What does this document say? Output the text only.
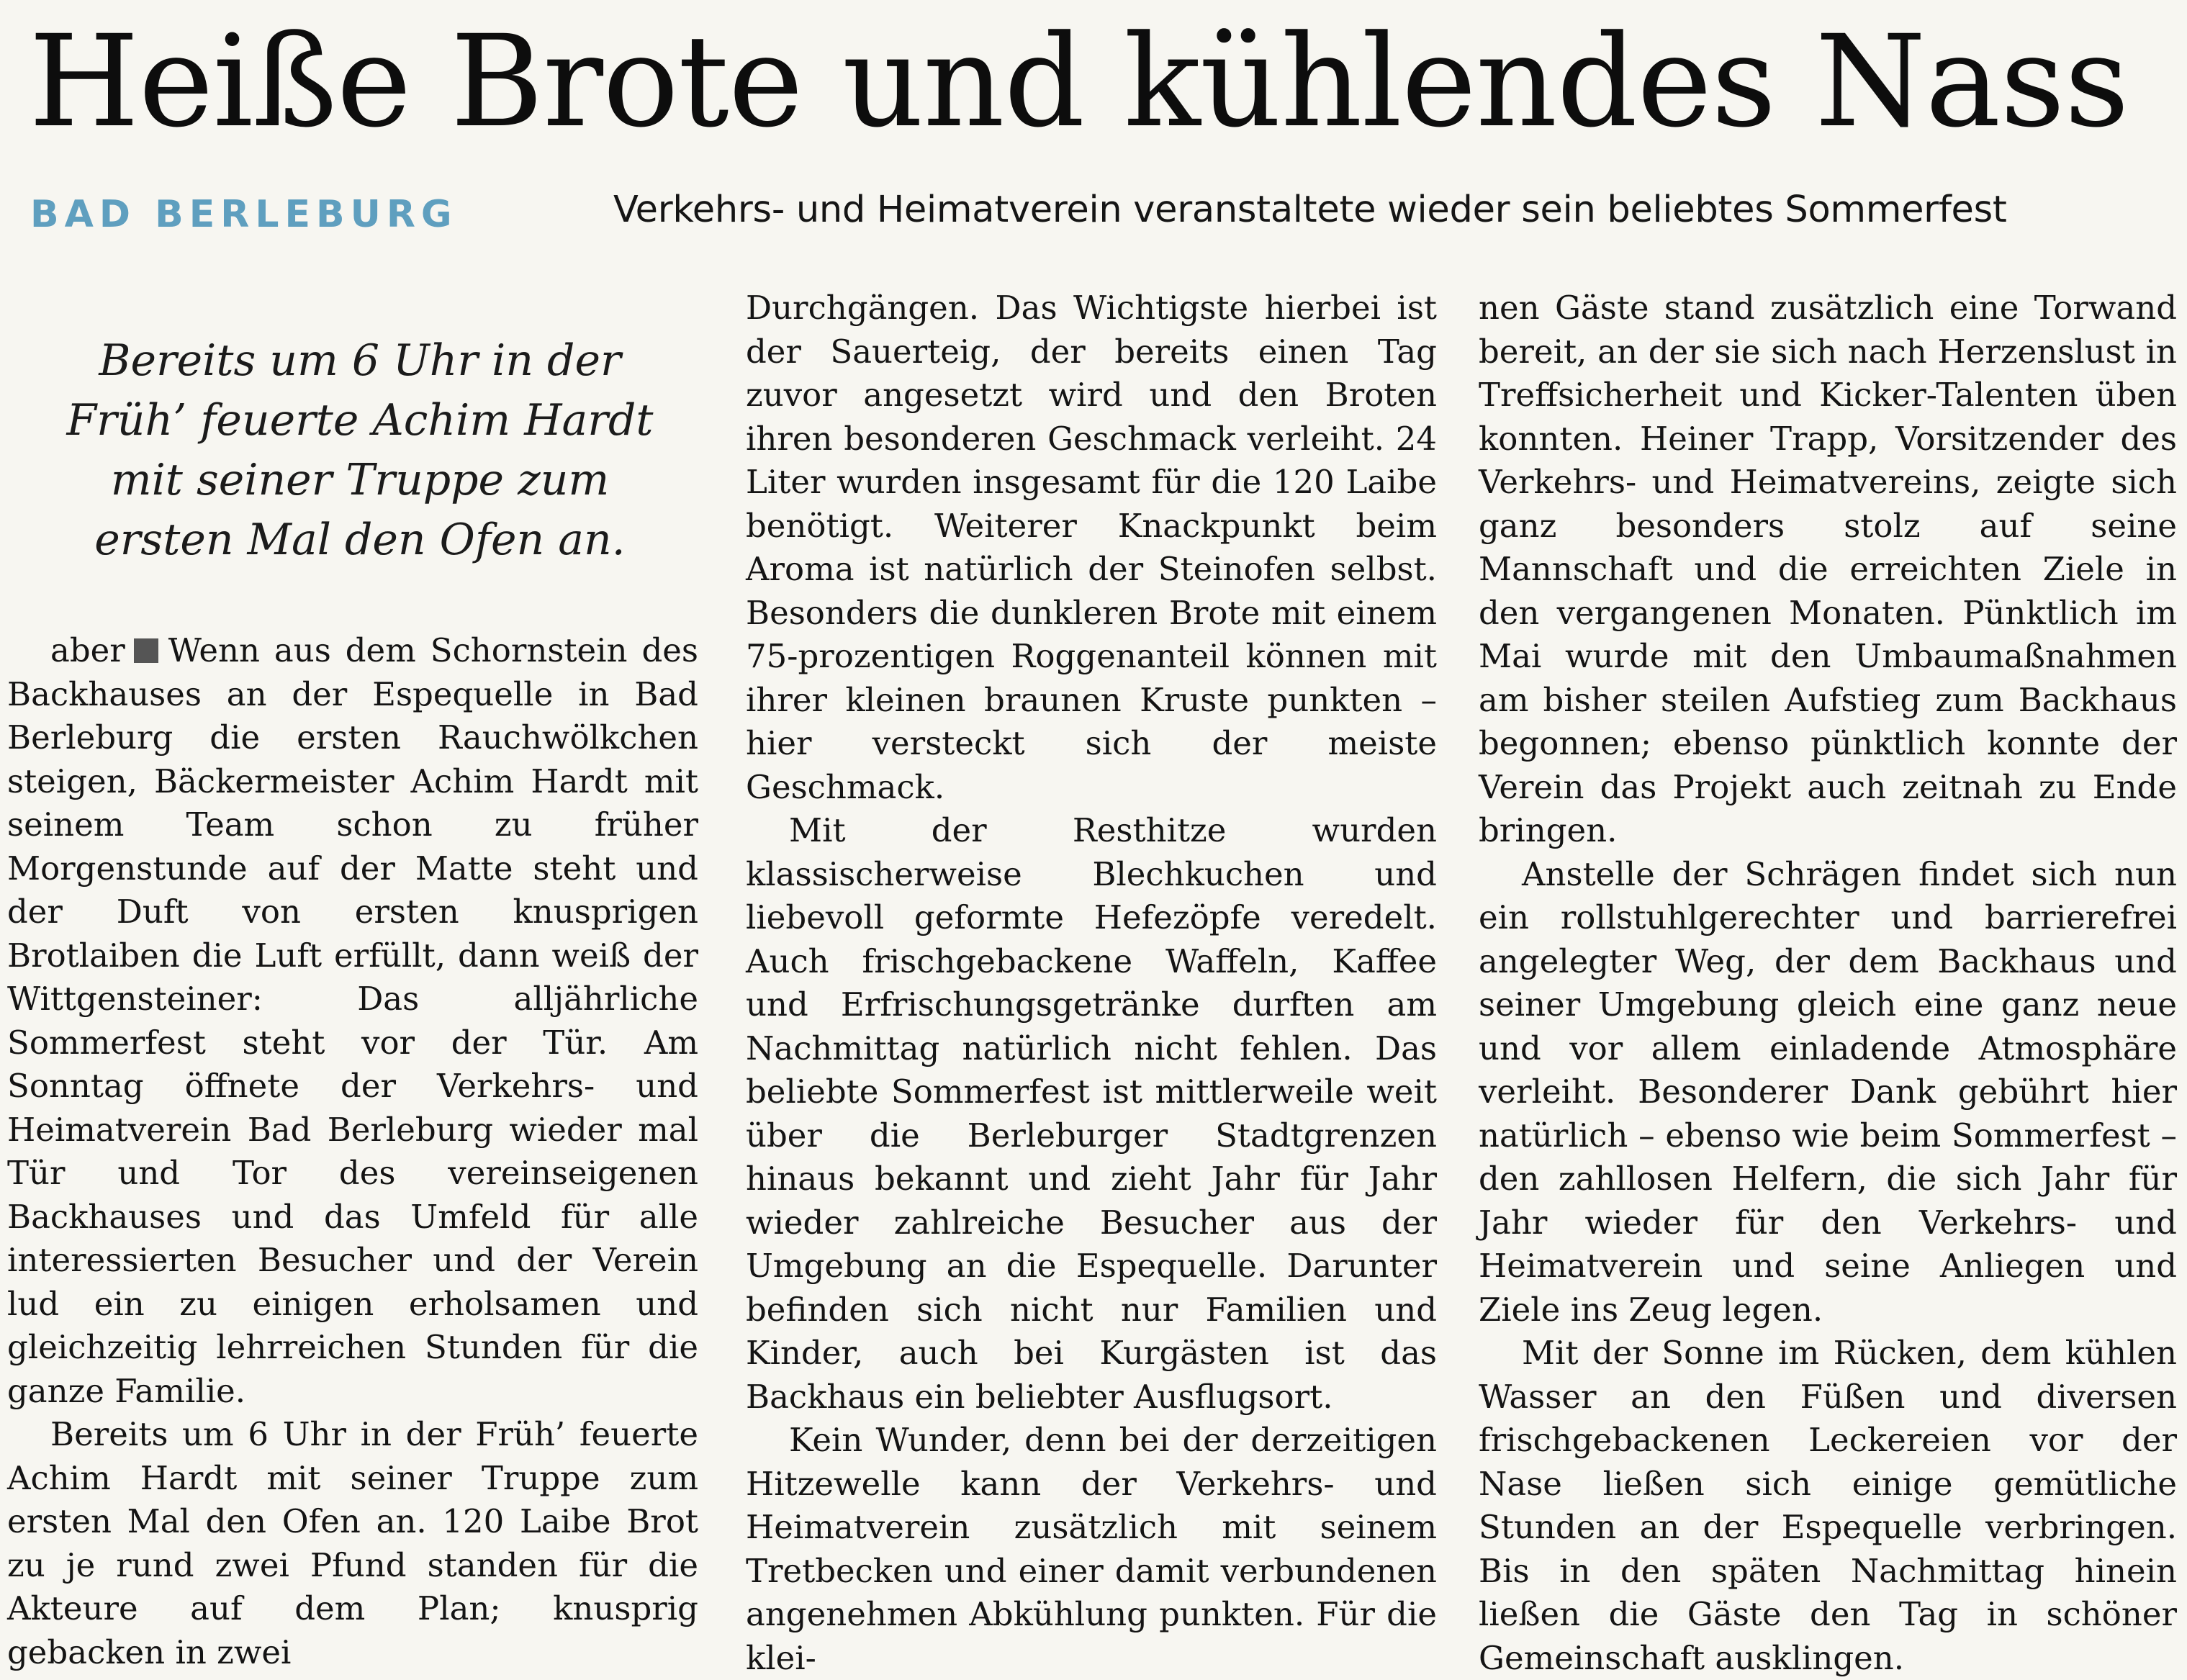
Heiße Brote und kühlendes Nass
BAD BERLEBURG	Verkehrs- und Heimatverein veranstaltete wieder sein beliebtes Sommerfest
Bereits um 6 Uhr in der Früh’ feuerte Achim Hardt mit seiner Truppe zum ersten Mal den Ofen an.

aber Wenn aus dem Schornstein des Backhauses an der Espequelle in Bad Berleburg die ersten Rauchwölkchen steigen, Bäckermeister Achim Hardt mit seinem Team schon zu früher Morgenstunde auf der Matte steht und der Duft von ersten knusprigen Brotlaiben die Luft erfüllt, dann weiß der Wittgensteiner: Das alljährliche Sommerfest steht vor der Tür. Am Sonntag öffnete der Verkehrs- und Heimatverein Bad Berleburg wieder mal Tür und Tor des vereinseigenen Backhauses und das Umfeld für alle interessierten Besucher und der Verein lud ein zu einigen erholsamen und gleichzeitig lehrreichen Stunden für die ganze Familie.

Bereits um 6 Uhr in der Früh’ feuerte Achim Hardt mit seiner Truppe zum ersten Mal den Ofen an. 120 Laibe Brot zu je rund zwei Pfund standen für die Akteure auf dem Plan; knusprig gebacken in zwei

Durchgängen. Das Wichtigste hierbei ist der Sauerteig, der bereits einen Tag zuvor angesetzt wird und den Broten ihren besonderen Geschmack verleiht. 24 Liter wurden insgesamt für die 120 Laibe benötigt. Weiterer Knackpunkt beim Aroma ist natürlich der Steinofen selbst. Besonders die dunkleren Brote mit einem 75-prozentigen Roggenanteil können mit ihrer kleinen braunen Kruste punkten – hier versteckt sich der meiste Geschmack.

Mit der Resthitze wurden klassischerweise Blechkuchen und liebevoll geformte Hefezöpfe veredelt. Auch frischgebackene Waffeln, Kaffee und Erfrischungsgetränke durften am Nachmittag natürlich nicht fehlen. Das beliebte Sommerfest ist mittlerweile weit über die Berleburger Stadtgrenzen hinaus bekannt und zieht Jahr für Jahr wieder zahlreiche Besucher aus der Umgebung an die Espequelle. Darunter befinden sich nicht nur Familien und Kinder, auch bei Kurgästen ist das Backhaus ein beliebter Ausflugsort.

Kein Wunder, denn bei der derzeitigen Hitzewelle kann der Verkehrs- und Heimatverein zusätzlich mit seinem Tretbecken und einer damit verbundenen angenehmen Abkühlung punkten. Für die klei-

nen Gäste stand zusätzlich eine Torwand bereit, an der sie sich nach Herzenslust in Treffsicherheit und Kicker-Talenten üben konnten. Heiner Trapp, Vorsitzender des Verkehrs- und Heimatvereins, zeigte sich ganz besonders stolz auf seine Mannschaft und die erreichten Ziele in den vergangenen Monaten. Pünktlich im Mai wurde mit den Umbaumaßnahmen am bisher steilen Aufstieg zum Backhaus begonnen; ebenso pünktlich konnte der Verein das Projekt auch zeitnah zu Ende bringen.

Anstelle der Schrägen findet sich nun ein rollstuhlgerechter und barrierefrei angelegter Weg, der dem Backhaus und seiner Umgebung gleich eine ganz neue und vor allem einladende Atmosphäre verleiht. Besonderer Dank gebührt hier natürlich – ebenso wie beim Sommerfest – den zahllosen Helfern, die sich Jahr für Jahr wieder für den Verkehrs- und Heimatverein und seine Anliegen und Ziele ins Zeug legen.

Mit der Sonne im Rücken, dem kühlen Wasser an den Füßen und diversen frischgebackenen Leckereien vor der Nase ließen sich einige gemütliche Stunden an der Espequelle verbringen. Bis in den späten Nachmittag hinein ließen die Gäste den Tag in schöner Gemeinschaft ausklingen.
